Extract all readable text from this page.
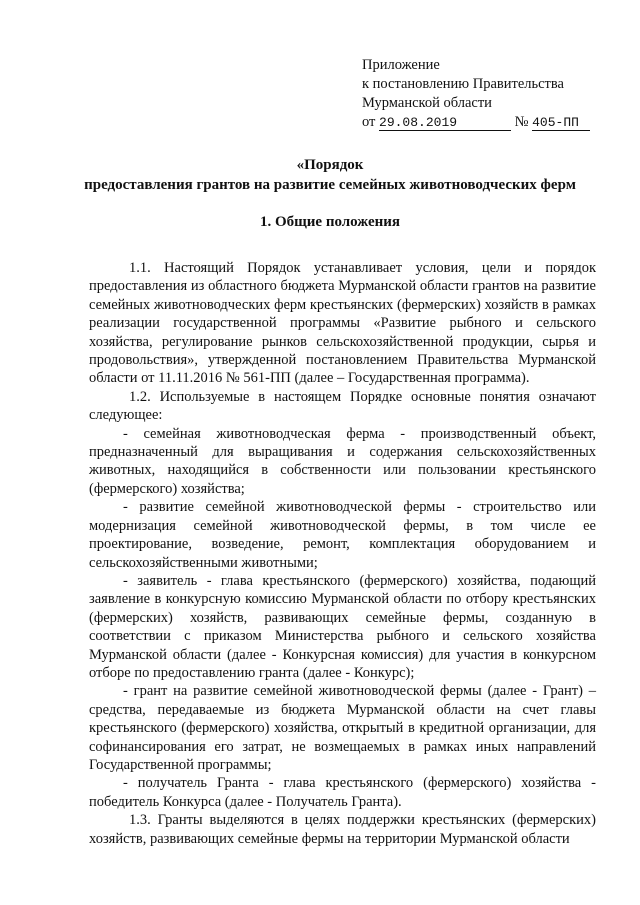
Приложение
к постановлению Правительства
Мурманской области
от 29.08.2019	№ 405-ПП
«Порядок
предоставления грантов на развитие семейных животноводческих ферм
1. Общие положения

1.1. Настоящий Порядок устанавливает условия, цели и порядок предоставления из областного бюджета Мурманской области грантов на развитие семейных животноводческих ферм крестьянских (фермерских) хозяйств в рамках реализации государственной программы «Развитие рыбного и сельского хозяйства, регулирование рынков сельскохозяйственной продукции, сырья и продовольствия», утвержденной постановлением Правительства Мурманской области от 11.11.2016 № 561-ПП (далее – Государственная программа).

1.2. Используемые в настоящем Порядке основные понятия означают следующее:

- семейная животноводческая ферма - производственный объект, предназначенный для выращивания и содержания сельскохозяйственных животных, находящийся в собственности или пользовании крестьянского (фермерского) хозяйства;

- развитие семейной животноводческой фермы - строительство или модернизация семейной животноводческой фермы, в том числе ее проектирование, возведение, ремонт, комплектация оборудованием и сельскохозяйственными животными;

- заявитель - глава крестьянского (фермерского) хозяйства, подающий заявление в конкурсную комиссию Мурманской области по отбору крестьянских (фермерских) хозяйств, развивающих семейные фермы, созданную в соответствии с приказом Министерства рыбного и сельского хозяйства Мурманской области (далее - Конкурсная комиссия) для участия в конкурсном отборе по предоставлению гранта (далее - Конкурс);

- грант на развитие семейной животноводческой фермы (далее - Грант) – средства, передаваемые из бюджета Мурманской области на счет главы крестьянского (фермерского) хозяйства, открытый в кредитной организации, для софинансирования его затрат, не возмещаемых в рамках иных направлений Государственной программы;

- получатель Гранта - глава крестьянского (фермерского) хозяйства - победитель Конкурса (далее - Получатель Гранта).

1.3. Гранты выделяются в целях поддержки крестьянских (фермерских) хозяйств, развивающих семейные фермы на территории Мурманской области
